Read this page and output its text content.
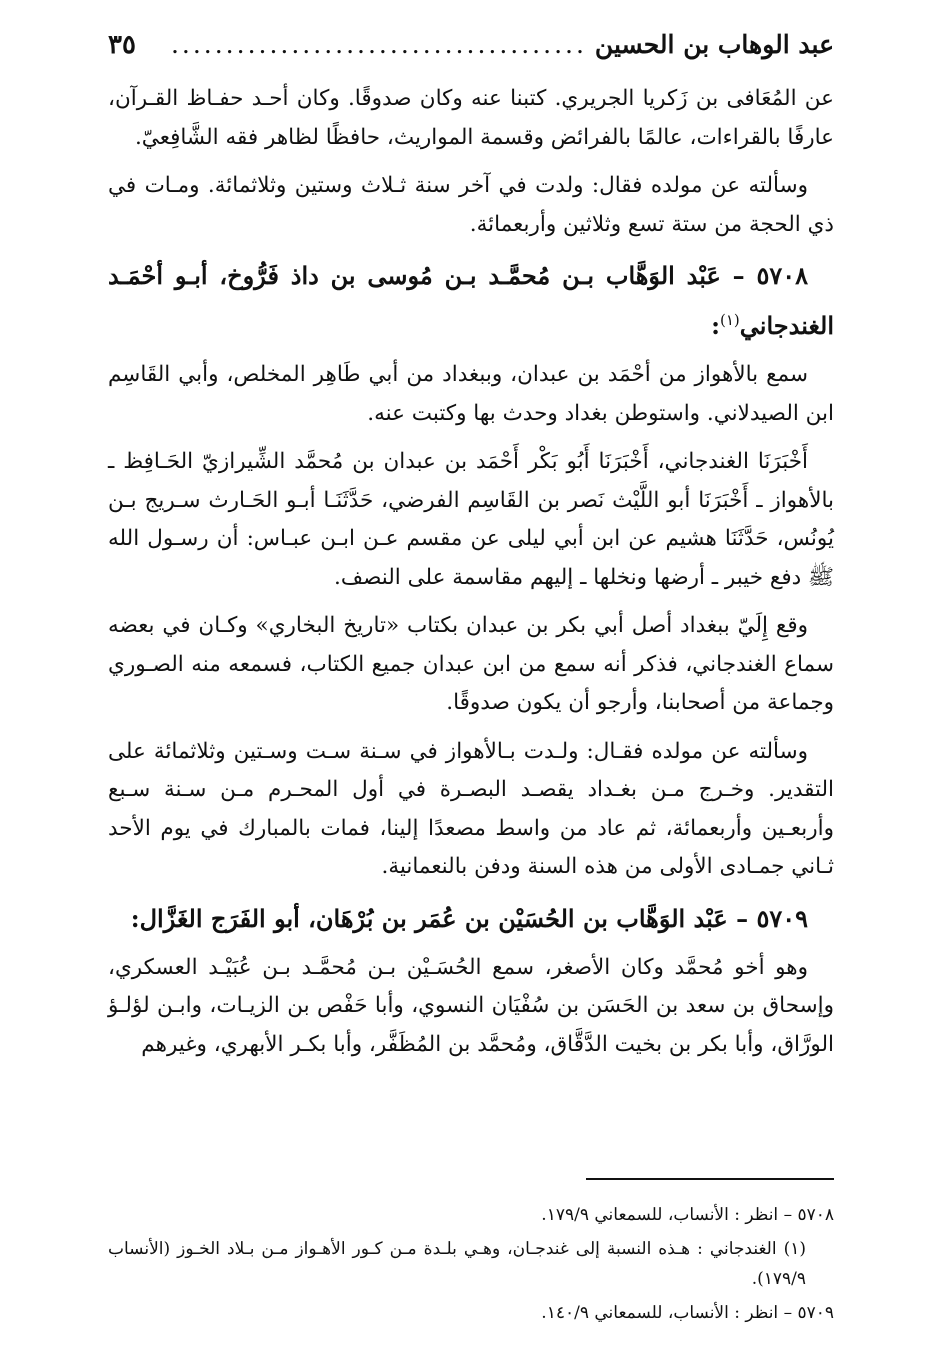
عبد الوهاب بن الحسين
......................................
٣٥

عن المُعَافى بن زَكريا الجريري. كتبنا عنه وكان صدوقًا. وكان أحـد حفـاظ القـرآن، عارفًا بالقراءات، عالمًا بالفرائض وقسمة المواريث، حافظًا لظاهر فقه الشَّافِعيّ.

وسألته عن مولده فقال: ولدت في آخر سنة ثـلاث وستين وثلاثمائة. ومـات في ذي الحجة من ستة تسع وثلاثين وأربعمائة.

٥٧٠٨ – عَبْد الوَهَّاب بـن مُحمَّـد بـن مُوسى بن داذ فَرُّوخ، أبـو أحْمَـد الغندجاني$^{(١)}$:

سمع بالأهواز من أحْمَد بن عبدان، وببغداد من أبي طَاهِر المخلص، وأبي القَاسِم ابن الصيدلاني. واستوطن بغداد وحدث بها وكتبت عنه.

أَخْبَرَنَا الغندجاني، أَخْبَرَنَا أَبُو بَكْر أَحْمَد بن عبدان بن مُحمَّد الشِّيرازيّ الحَـافِظ ـ بالأهواز ـ أَخْبَرَنَا أبو اللَّيْث نَصر بن القَاسِم الفرضي، حَدَّثَنَـا أبـو الحَـارث سـريج بـن يُونُس، حَدَّثَنَا هشيم عن ابن أبي ليلى عن مقسم عـن ابـن عبـاس: أن رسـول الله ﷺ دفع خيبر ـ أرضها ونخلها ـ إليهم مقاسمة على النصف.

وقع إِلَيّ ببغداد أصل أبي بكر بن عبدان بكتاب «تاريخ البخاري» وكـان في بعضه سماع الغندجاني، فذكر أنه سمع من ابن عبدان جميع الكتاب، فسمعه منه الصـوري وجماعة من أصحابنا، وأرجو أن يكون صدوقًا.

وسألته عن مولده فقـال: ولـدت بـالأهواز في سـنة سـت وسـتين وثلاثمائة على التقدير. وخـرج مـن بغـداد يقصـد البصـرة في أول المحـرم مـن سـنة سـبع وأربعـين وأربعمائة، ثم عاد من واسط مصعدًا إلينا، فمات بالمبارك في يوم الأحد ثـاني جمـادى الأولى من هذه السنة ودفن بالنعمانية.

٥٧٠٩ – عَبْد الوَهَّاب بن الحُسَيْن بن عُمَر بن بُرْهَان، أبو الفَرَج الغَزَّال:

وهو أخو مُحمَّد وكان الأصغر، سمع الحُسَـيْن بـن مُحمَّـد بـن عُبَيْـد العسكري، وإسحاق بن سعد بن الحَسَن بن سُفْيَان النسوي، وأبا حَفْص بن الزيـات، وابـن لؤلـؤ الورَّاق، وأبا بكر بن بخيت الدَّقَّاق، ومُحمَّد بن المُظَفَّر، وأبا بكـر الأبهري، وغيرهم

٥٧٠٨ – انظر : الأنساب، للسمعاني ١٧٩/٩.

(١) الغندجاني : هـذه النسبة إلى غندجـان، وهـي بلـدة مـن كـور الأهـواز مـن بـلاد الخـوز (الأنساب ١٧٩/٩).

٥٧٠٩ – انظر : الأنساب، للسمعاني ١٤٠/٩.
